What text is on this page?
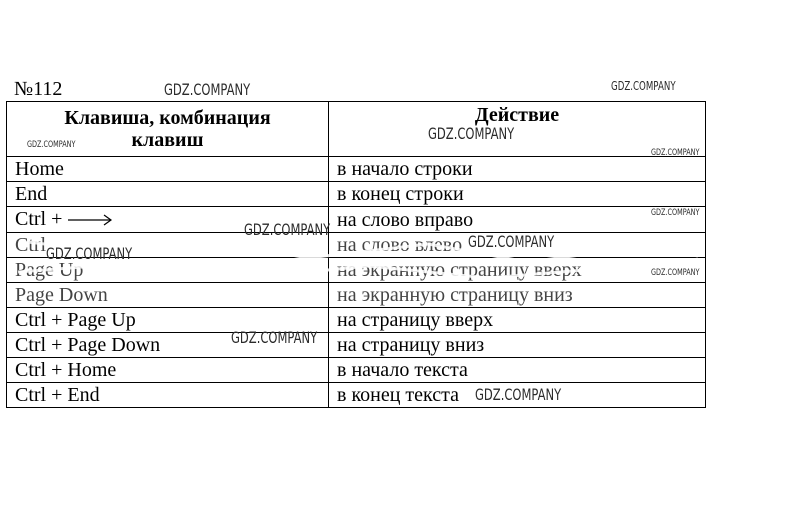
№112
Клавиша, комбинация
клавиш	Действие
Home	в начало строки
End	в конец строки
Ctrl +	на слово вправо
Ctrl	на слово влево
Page Up	на экранную страницу вверх
Page Down	на экранную страницу вниз
Ctrl + Page Up	на страницу вверх
Ctrl + Page Down	на страницу вниз
Ctrl + Home	в начало текста
Ctrl + End	в конец текста
GDZ.COMPANY	GDZ.COMPANY
GDZ.COMPANY
GDZ.COMPANY
GDZ.COMPANY
GDZ.COMPANY
GDZ.COMPANY
GDZ.COMPANY
GDZ.COMPANY
GDZ.COMPANY
GDZ.COMPANY
GDZ.COMPANY
